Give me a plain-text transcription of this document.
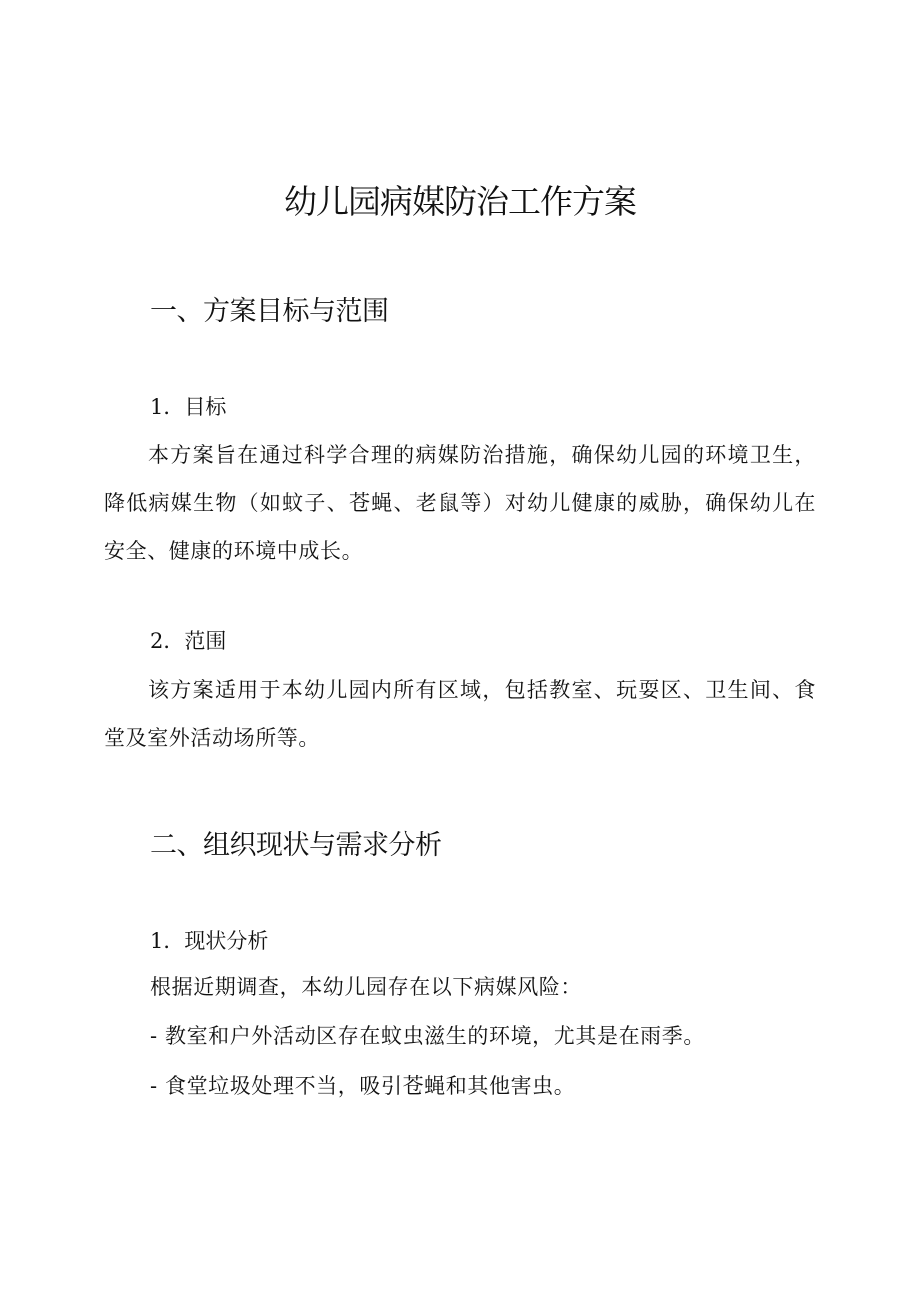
幼儿园病媒防治工作方案
一、方案目标与范围
1．目标

本方案旨在通过科学合理的病媒防治措施，确保幼儿园的环境卫生，降低病媒生物（如蚊子、苍蝇、老鼠等）对幼儿健康的威胁，确保幼儿在安全、健康的环境中成长。

2．范围

该方案适用于本幼儿园内所有区域，包括教室、玩耍区、卫生间、食堂及室外活动场所等。

二、组织现状与需求分析
1．现状分析

根据近期调查，本幼儿园存在以下病媒风险：

- 教室和户外活动区存在蚊虫滋生的环境，尤其是在雨季。

- 食堂垃圾处理不当，吸引苍蝇和其他害虫。
